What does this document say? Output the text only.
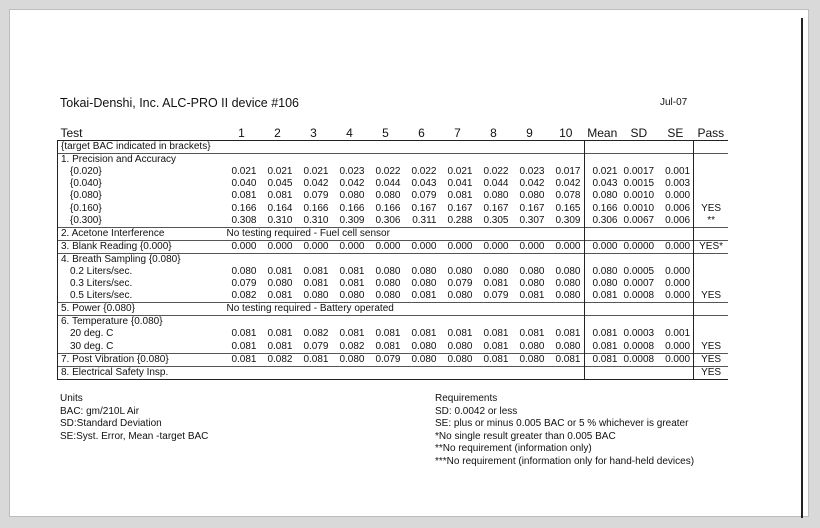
Tokai-Denshi, Inc. ALC-PRO II device #106	Jul-07
Test	1	2	3	4	5	6	7	8	9	10	Mean	SD	SE	Pass
{target BAC indicated in brackets}														
1. Precision and Accuracy														
{0.020}	0.021	0.021	0.021	0.023	0.022	0.022	0.021	0.022	0.023	0.017	0.021	0.0017	0.001	
{0.040}	0.040	0.045	0.042	0.042	0.044	0.043	0.041	0.044	0.042	0.042	0.043	0.0015	0.003	
{0.080}	0.081	0.081	0.079	0.080	0.080	0.079	0.081	0.080	0.080	0.078	0.080	0.0010	0.000	
{0.160}	0.166	0.164	0.166	0.166	0.166	0.167	0.167	0.167	0.167	0.165	0.166	0.0010	0.006	YES
{0.300}	0.308	0.310	0.310	0.309	0.306	0.311	0.288	0.305	0.307	0.309	0.306	0.0067	0.006	**
2. Acetone Interference	No testing required - Fuel cell sensor													
3. Blank Reading {0.000}	0.000	0.000	0.000	0.000	0.000	0.000	0.000	0.000	0.000	0.000	0.000	0.0000	0.000	YES*
4. Breath Sampling {0.080}														
0.2 Liters/sec.	0.080	0.081	0.081	0.081	0.080	0.080	0.080	0.080	0.080	0.080	0.080	0.0005	0.000	
0.3 Liters/sec.	0.079	0.080	0.081	0.081	0.080	0.080	0.079	0.081	0.080	0.080	0.080	0.0007	0.000	
0.5 Liters/sec.	0.082	0.081	0.080	0.080	0.080	0.081	0.080	0.079	0.081	0.080	0.081	0.0008	0.000	YES
5. Power {0.080}	No testing required - Battery operated													
6. Temperature {0.080}														
20 deg. C	0.081	0.081	0.082	0.081	0.081	0.081	0.081	0.081	0.081	0.081	0.081	0.0003	0.001	
30 deg. C	0.081	0.081	0.079	0.082	0.081	0.080	0.080	0.081	0.080	0.080	0.081	0.0008	0.000	YES
7. Post Vibration {0.080}	0.081	0.082	0.081	0.080	0.079	0.080	0.080	0.081	0.080	0.081	0.081	0.0008	0.000	YES
8. Electrical Safety Insp.														YES
Units
BAC: gm/210L Air
SD:Standard Deviation
SE:Syst. Error, Mean -target BAC
Requirements
SD: 0.0042 or less
SE: plus or minus 0.005 BAC or 5 % whichever is greater
*No single result greater than 0.005 BAC
**No requirement (information only)
***No requirement (information only for hand-held devices)
